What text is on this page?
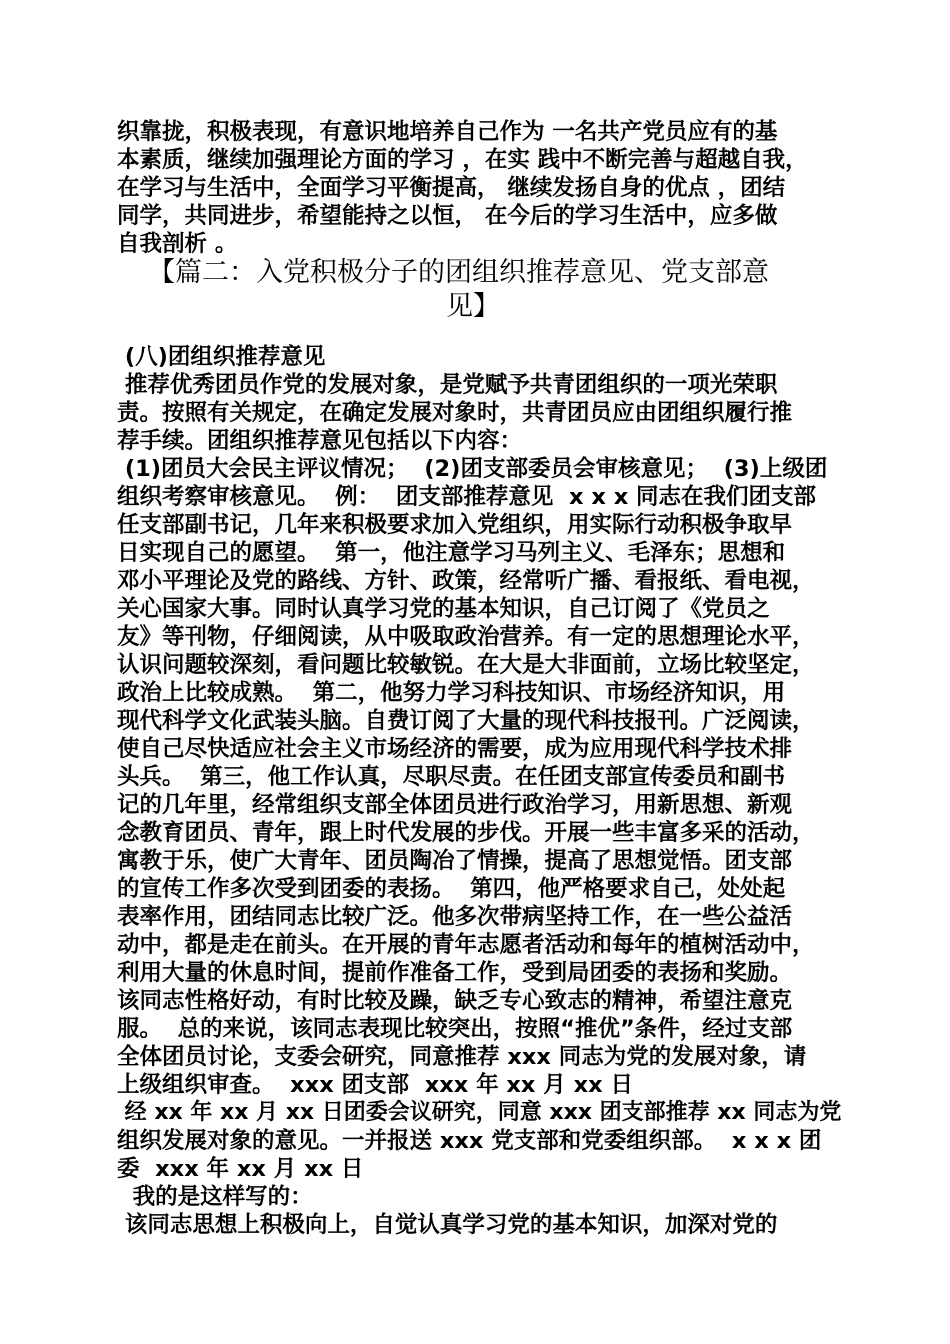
织靠拢，积极表现，有意识地培养自己作为 一名共产党员应有的基
本素质，继续加强理论方面的学习 ，在实 践中不断完善与超越自我，
在学习与生活中，全面学习平衡提高， 继续发扬自身的优点 ，团结
同学，共同进步，希望能持之以恒， 在今后的学习生活中，应多做
自我剖析 。
【篇二：入党积极分子的团组织推荐意见、党支部意
见】
(八)团组织推荐意见
推荐优秀团员作党的发展对象，是党赋予共青团组织的一项光荣职
责。按照有关规定，在确定发展对象时，共青团员应由团组织履行推
荐手续。团组织推荐意见包括以下内容：
(1)团员大会民主评议情况；  (2)团支部委员会审核意见；  (3)上级团
组织考察审核意见。  例：  团支部推荐意见  x x x 同志在我们团支部
任支部副书记，几年来积极要求加入党组织，用实际行动积极争取早
日实现自己的愿望。  第一，他注意学习马列主义、毛泽东；思想和
邓小平理论及党的路线、方针、政策，经常听广播、看报纸、看电视，
关心国家大事。同时认真学习党的基本知识，自己订阅了《党员之
友》等刊物，仔细阅读，从中吸取政治营养。有一定的思想理论水平，
认识问题较深刻，看问题比较敏锐。在大是大非面前，立场比较坚定，
政治上比较成熟。  第二，他努力学习科技知识、市场经济知识，用
现代科学文化武装头脑。自费订阅了大量的现代科技报刊。广泛阅读，
使自己尽快适应社会主义市场经济的需要，成为应用现代科学技术排
头兵。  第三，他工作认真，尽职尽责。在任团支部宣传委员和副书
记的几年里，经常组织支部全体团员进行政治学习，用新思想、新观
念教育团员、青年，跟上时代发展的步伐。开展一些丰富多采的活动，
寓教于乐，使广大青年、团员陶冶了情操，提高了思想觉悟。团支部
的宣传工作多次受到团委的表扬。  第四，他严格要求自己，处处起
表率作用，团结同志比较广泛。他多次带病坚持工作，在一些公益活
动中，都是走在前头。在开展的青年志愿者活动和每年的植树活动中，
利用大量的休息时间，提前作准备工作，受到局团委的表扬和奖励。
该同志性格好动，有时比较及躁，缺乏专心致志的精神，希望注意克
服。  总的来说，该同志表现比较突出，按照“推优”条件，经过支部
全体团员讨论，支委会研究，同意推荐 xxx 同志为党的发展对象，请
上级组织审查。  xxx 团支部  xxx 年 xx 月 xx 日
经 xx 年 xx 月 xx 日团委会议研究，同意 xxx 团支部推荐 xx 同志为党
组织发展对象的意见。一并报送 xxx 党支部和党委组织部。  x x x 团
委  xxx 年 xx 月 xx 日
我的是这样写的：
该同志思想上积极向上，自觉认真学习党的基本知识，加深对党的
